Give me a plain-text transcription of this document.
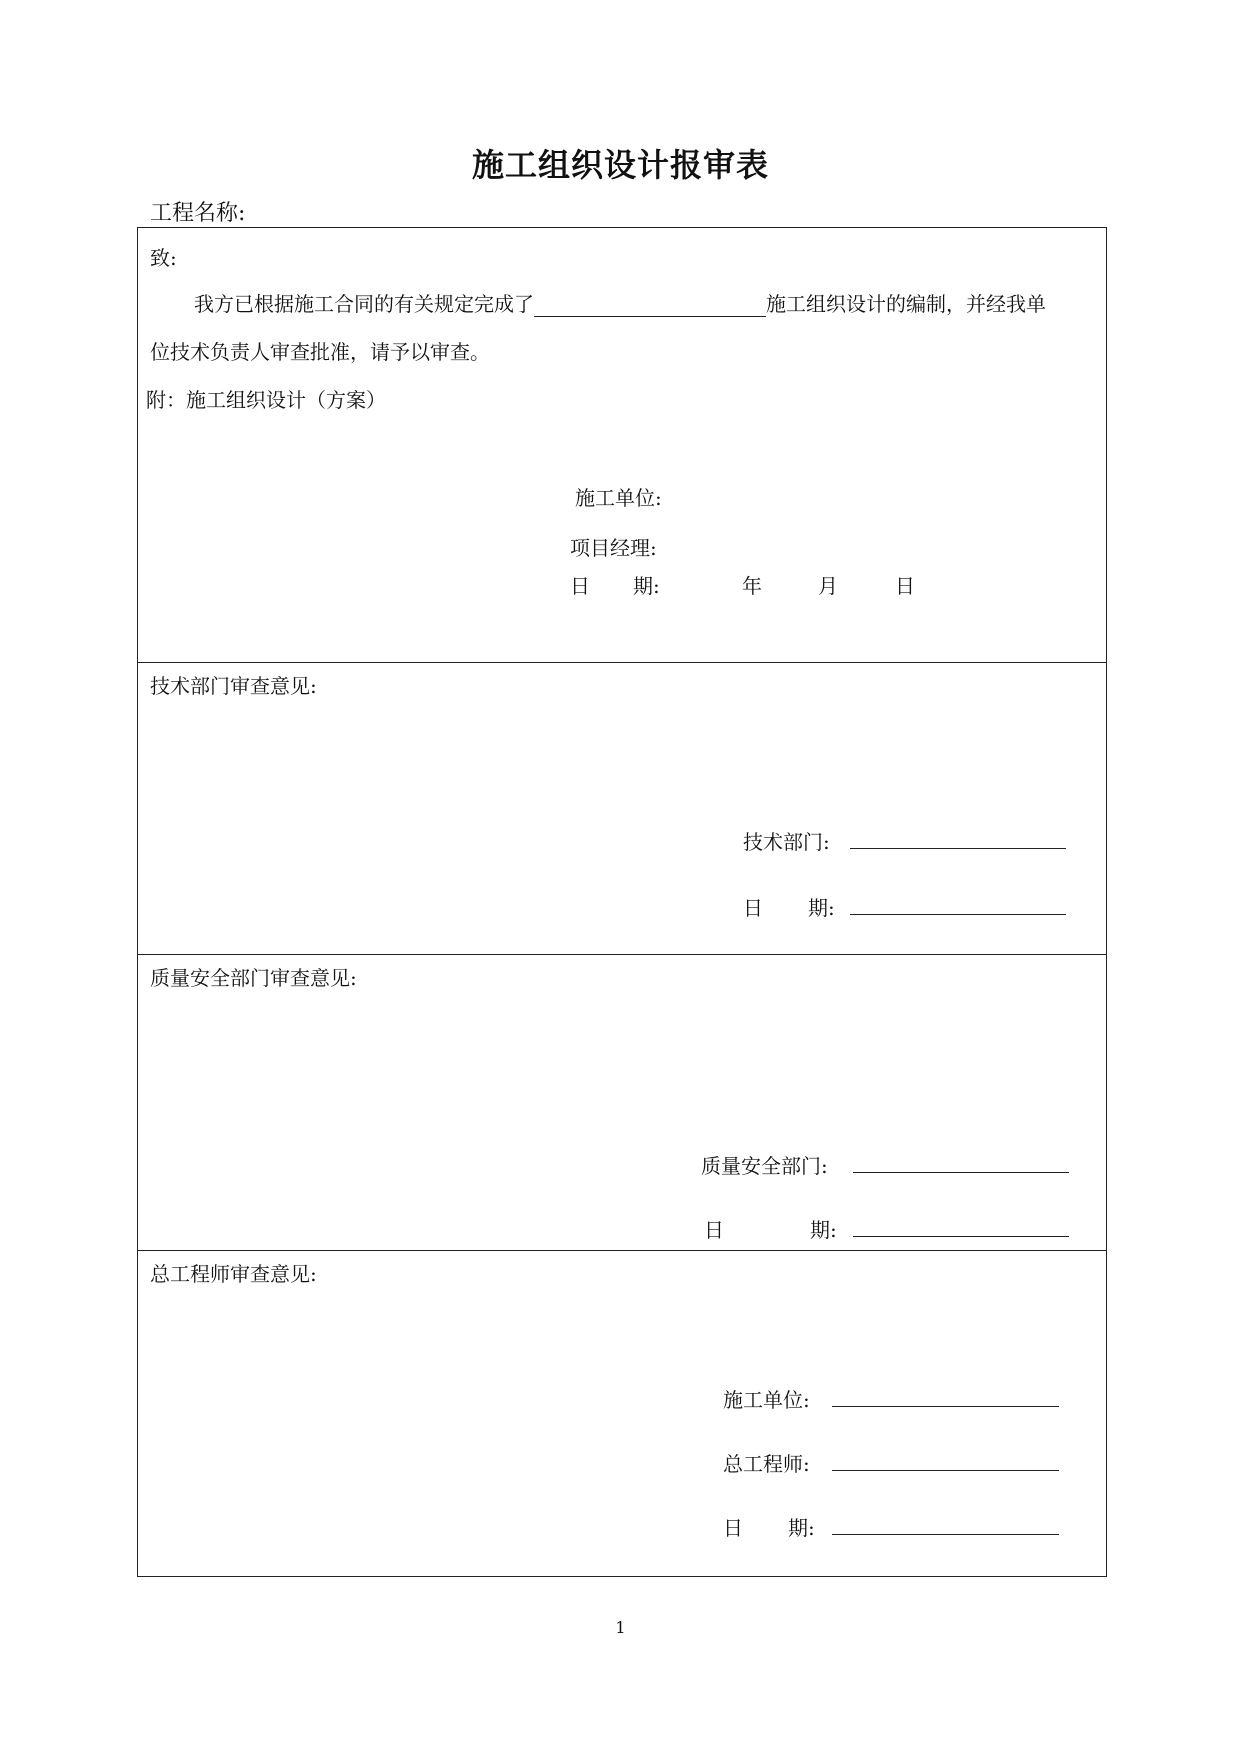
施工组织设计报审表
工程名称:
致:
我方已根据施工合同的有关规定完成了	施工组织设计的编制，并经我单
位技术负责人审查批准，请予以审查。
附：施工组织设计（方案）
施工单位:
项目经理:
日 期:	年	月	日
技术部门审查意见:
技术部门:
日 期:
质量安全部门审查意见:
质量安全部门:
日	期:
总工程师审查意见:
施工单位:
总工程师:
日 期:
1
